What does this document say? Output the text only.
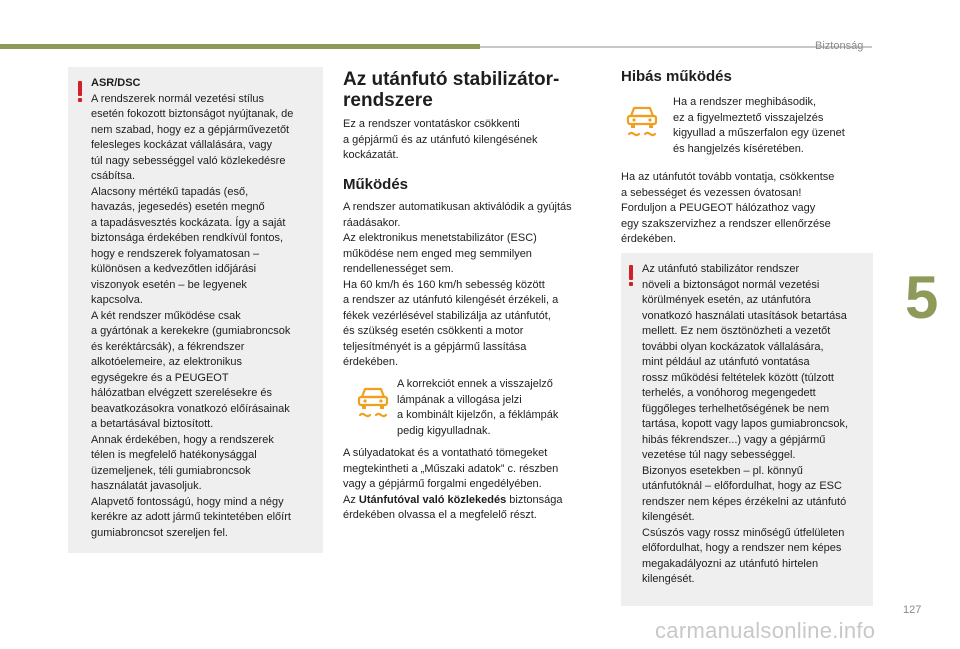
Biztonság
5
ASR/DSC
A rendszerek normál vezetési stílus
esetén fokozott biztonságot nyújtanak, de
nem szabad, hogy ez a gépjárművezetőt
felesleges kockázat vállalására, vagy
túl nagy sebességgel való közlekedésre
csábítsa.
Alacsony mértékű tapadás (eső,
havazás, jegesedés) esetén megnő
a tapadásvesztés kockázata. Így a saját
biztonsága érdekében rendkívül fontos,
hogy e rendszerek folyamatosan –
különösen a kedvezőtlen időjárási
viszonyok esetén – be legyenek
kapcsolva.
A két rendszer működése csak
a gyártónak a kerekekre (gumiabroncsok
és keréktárcsák), a fékrendszer
alkotóelemeire, az elektronikus
egységekre és a PEUGEOT
hálózatban elvégzett szerelésekre és
beavatkozásokra vonatkozó előírásainak
a betartásával biztosított.
Annak érdekében, hogy a rendszerek
télen is megfelelő hatékonysággal
üzemeljenek, téli gumiabroncsok
használatát javasoljuk.
Alapvető fontosságú, hogy mind a négy
kerékre az adott jármű tekintetében előírt
gumiabroncsot szereljen fel.
Az utánfutó stabilizátor-
rendszere
Ez a rendszer vontatáskor csökkenti
a gépjármű és az utánfutó kilengésének
kockázatát.
Működés
A rendszer automatikusan aktiválódik a gyújtás
ráadásakor.
Az elektronikus menetstabilizátor (ESC)
működése nem enged meg semmilyen
rendellenességet sem.
Ha 60 km/h és 160 km/h sebesség között
a rendszer az utánfutó kilengését érzékeli, a
fékek vezérlésével stabilizálja az utánfutót,
és szükség esetén csökkenti a motor
teljesítményét is a gépjármű lassítása
érdekében.
A korrekciót ennek a visszajelző
lámpának a villogása jelzi
a kombinált kijelzőn, a féklámpák
pedig kigyulladnak.
A súlyadatokat és a vontatható tömegeket
megtekintheti a „Műszaki adatok” c. részben
vagy a gépjármű forgalmi engedélyében.
Az Utánfutóval való közlekedés biztonsága
érdekében olvassa el a megfelelő részt.
Hibás működés
Ha a rendszer meghibásodik,
ez a figyelmeztető visszajelzés
kigyullad a műszerfalon egy üzenet
és hangjelzés kíséretében.
Ha az utánfutót tovább vontatja, csökkentse
a sebességet és vezessen óvatosan!
Forduljon a PEUGEOT hálózathoz vagy
egy szakszervizhez a rendszer ellenőrzése
érdekében.
Az utánfutó stabilizátor rendszer
növeli a biztonságot normál vezetési
körülmények esetén, az utánfutóra
vonatkozó használati utasítások betartása
mellett. Ez nem ösztönözheti a vezetőt
további olyan kockázatok vállalására,
mint például az utánfutó vontatása
rossz működési feltételek között (túlzott
terhelés, a vonóhorog megengedett
függőleges terhelhetőségének be nem
tartása, kopott vagy lapos gumiabroncsok,
hibás fékrendszer...) vagy a gépjármű
vezetése túl nagy sebességgel.
Bizonyos esetekben – pl. könnyű
utánfutóknál – előfordulhat, hogy az ESC
rendszer nem képes érzékelni az utánfutó
kilengését.
Csúszós vagy rossz minőségű útfelületen
előfordulhat, hogy a rendszer nem képes
megakadályozni az utánfutó hirtelen
kilengését.
127
carmanualsonline.info
